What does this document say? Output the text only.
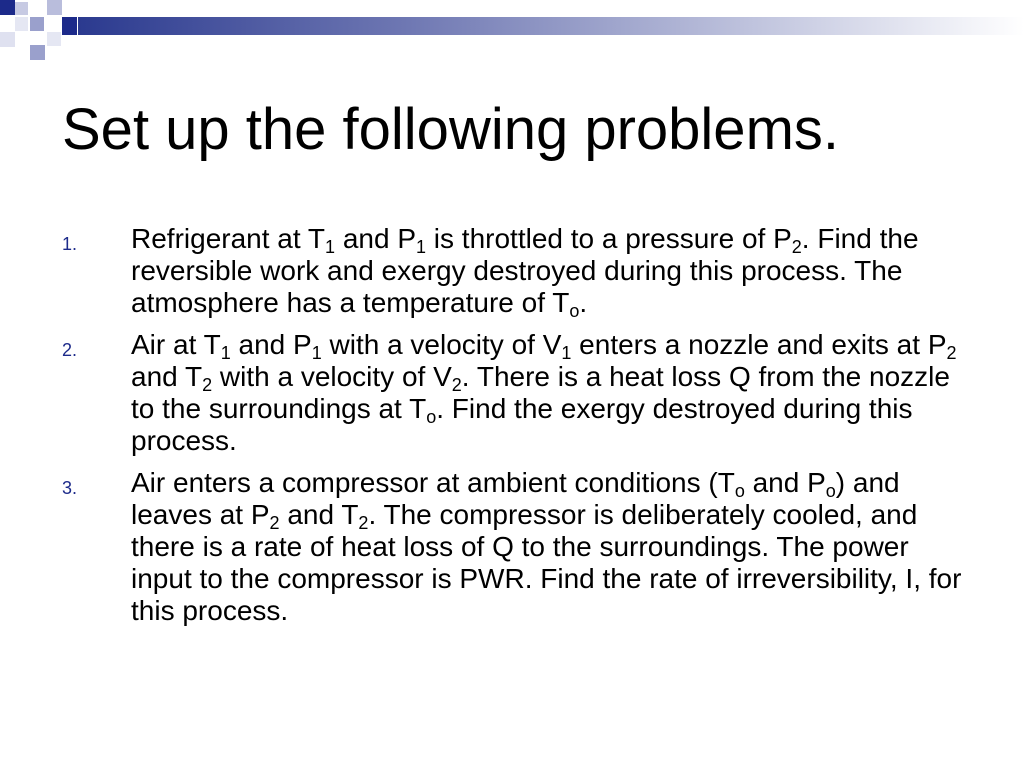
Set up the following problems.
1. Refrigerant at $T_1$ and $P_1$ is throttled to a pressure of $P_2$. Find the reversible work and exergy destroyed during this process. The atmosphere has a temperature of $T_o$.
2. Air at $T_1$ and $P_1$ with a velocity of $V_1$ enters a nozzle and exits at $P_2$ and $T_2$ with a velocity of $V_2$. There is a heat loss Q from the nozzle to the surroundings at $T_o$. Find the exergy destroyed during this process.
3. Air enters a compressor at ambient conditions ($T_o$ and $P_o$) and leaves at $P_2$ and $T_2$. The compressor is deliberately cooled, and there is a rate of heat loss of Q to the surroundings. The power input to the compressor is PWR. Find the rate of irreversibility, I, for this process.
